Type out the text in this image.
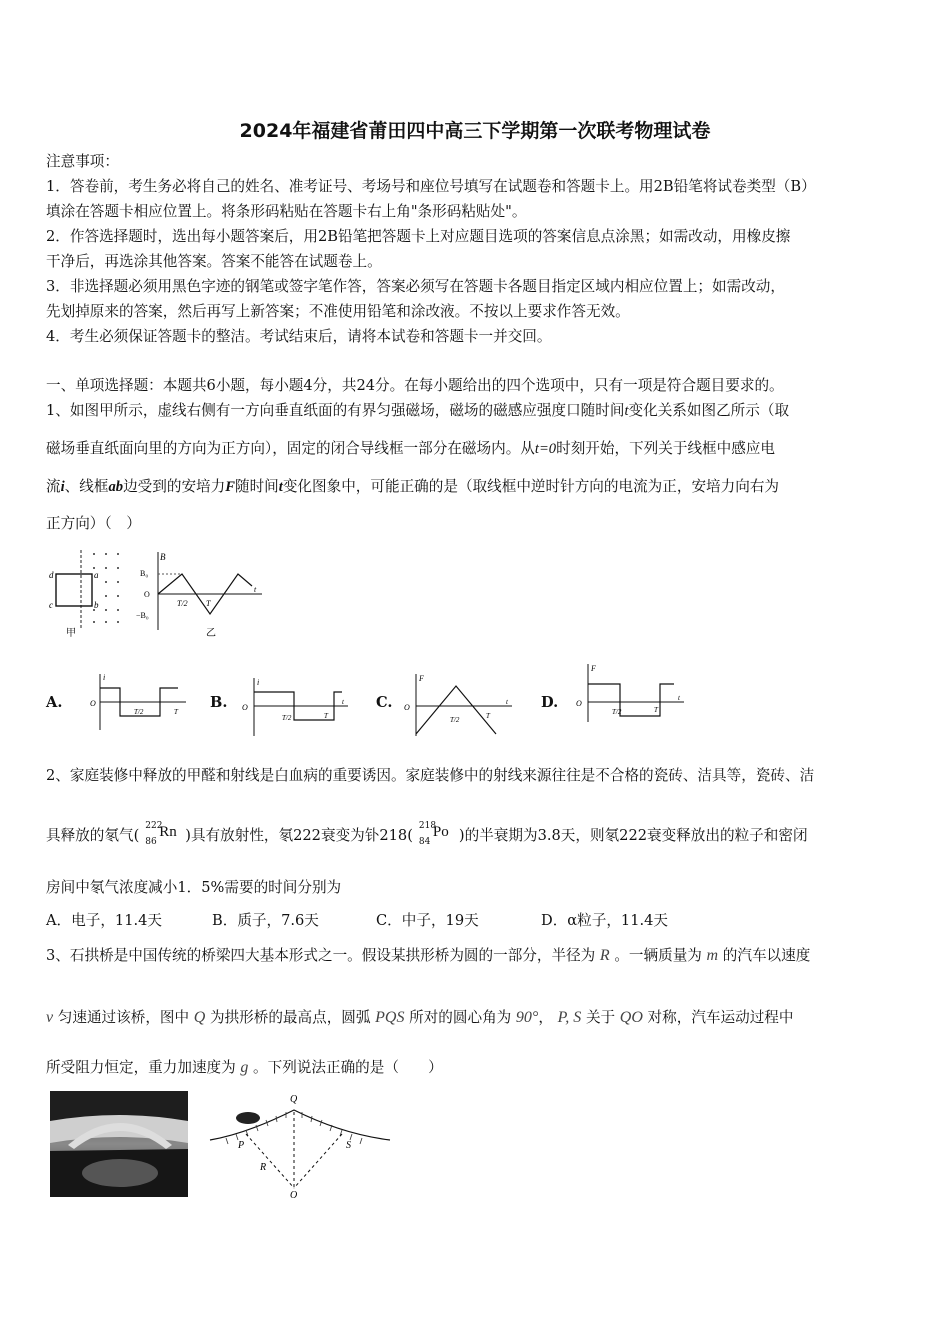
2024年福建省莆田四中高三下学期第一次联考物理试卷
注意事项：
1．答卷前，考生务必将自己的姓名、准考证号、考场号和座位号填写在试题卷和答题卡上。用2B铅笔将试卷类型（B）
填涂在答题卡相应位置上。将条形码粘贴在答题卡右上角"条形码粘贴处"。
2．作答选择题时，选出每小题答案后，用2B铅笔把答题卡上对应题目选项的答案信息点涂黑；如需改动，用橡皮擦
干净后，再选涂其他答案。答案不能答在试题卷上。
3．非选择题必须用黑色字迹的钢笔或签字笔作答，答案必须写在答题卡各题目指定区域内相应位置上；如需改动，
先划掉原来的答案，然后再写上新答案；不准使用铅笔和涂改液。不按以上要求作答无效。
4．考生必须保证答题卡的整洁。考试结束后，请将本试卷和答题卡一并交回。
一、单项选择题：本题共6小题，每小题4分，共24分。在每小题给出的四个选项中，只有一项是符合题目要求的。
1、如图甲所示，虚线右侧有一方向垂直纸面的有界匀强磁场，磁场的磁感应强度口随时间t变化关系如图乙所示（取
磁场垂直纸面向里的方向为正方向），固定的闭合导线框一部分在磁场内。从t=0时刻开始，下列关于线框中感应电
流i、线框ab边受到的安培力F随时间t变化图象中，可能正确的是（取线框中逆时针方向的电流为正，安培力向右为
正方向）（　）
d
c
a
b
甲
B
B₀
O
−B₀
T/2 T
t
乙
A.
i
O
T/2	T
B.
i
O
T/2	T
t C.
F
O
T/2	T
t D.
F
O
T/2	T
t
2、家庭装修中释放的甲醛和射线是白血病的重要诱因。家庭装修中的射线来源往往是不合格的瓷砖、洁具等，瓷砖、洁
具释放的氡气(
222
86
Rn )具有放射性，氡222衰变为钋218(
218
84
Po )的半衰期为3.8天，则氡222衰变释放出的粒子和密闭
房间中氡气浓度减小1．5%需要的时间分别为
A．电子，11.4天	B．质子，7.6天	C．中子，19天	D．α粒子，11.4天
3、石拱桥是中国传统的桥梁四大基本形式之一。假设某拱形桥为圆的一部分，半径为 R 。一辆质量为 m 的汽车以速度
v 匀速通过该桥，图中 Q 为拱形桥的最高点，圆弧 PQS 所对的圆心角为 90°， P, S 关于 QO 对称，汽车运动过程中
所受阻力恒定，重力加速度为 g 。下列说法正确的是（　　）
Q
P	S
R
O
